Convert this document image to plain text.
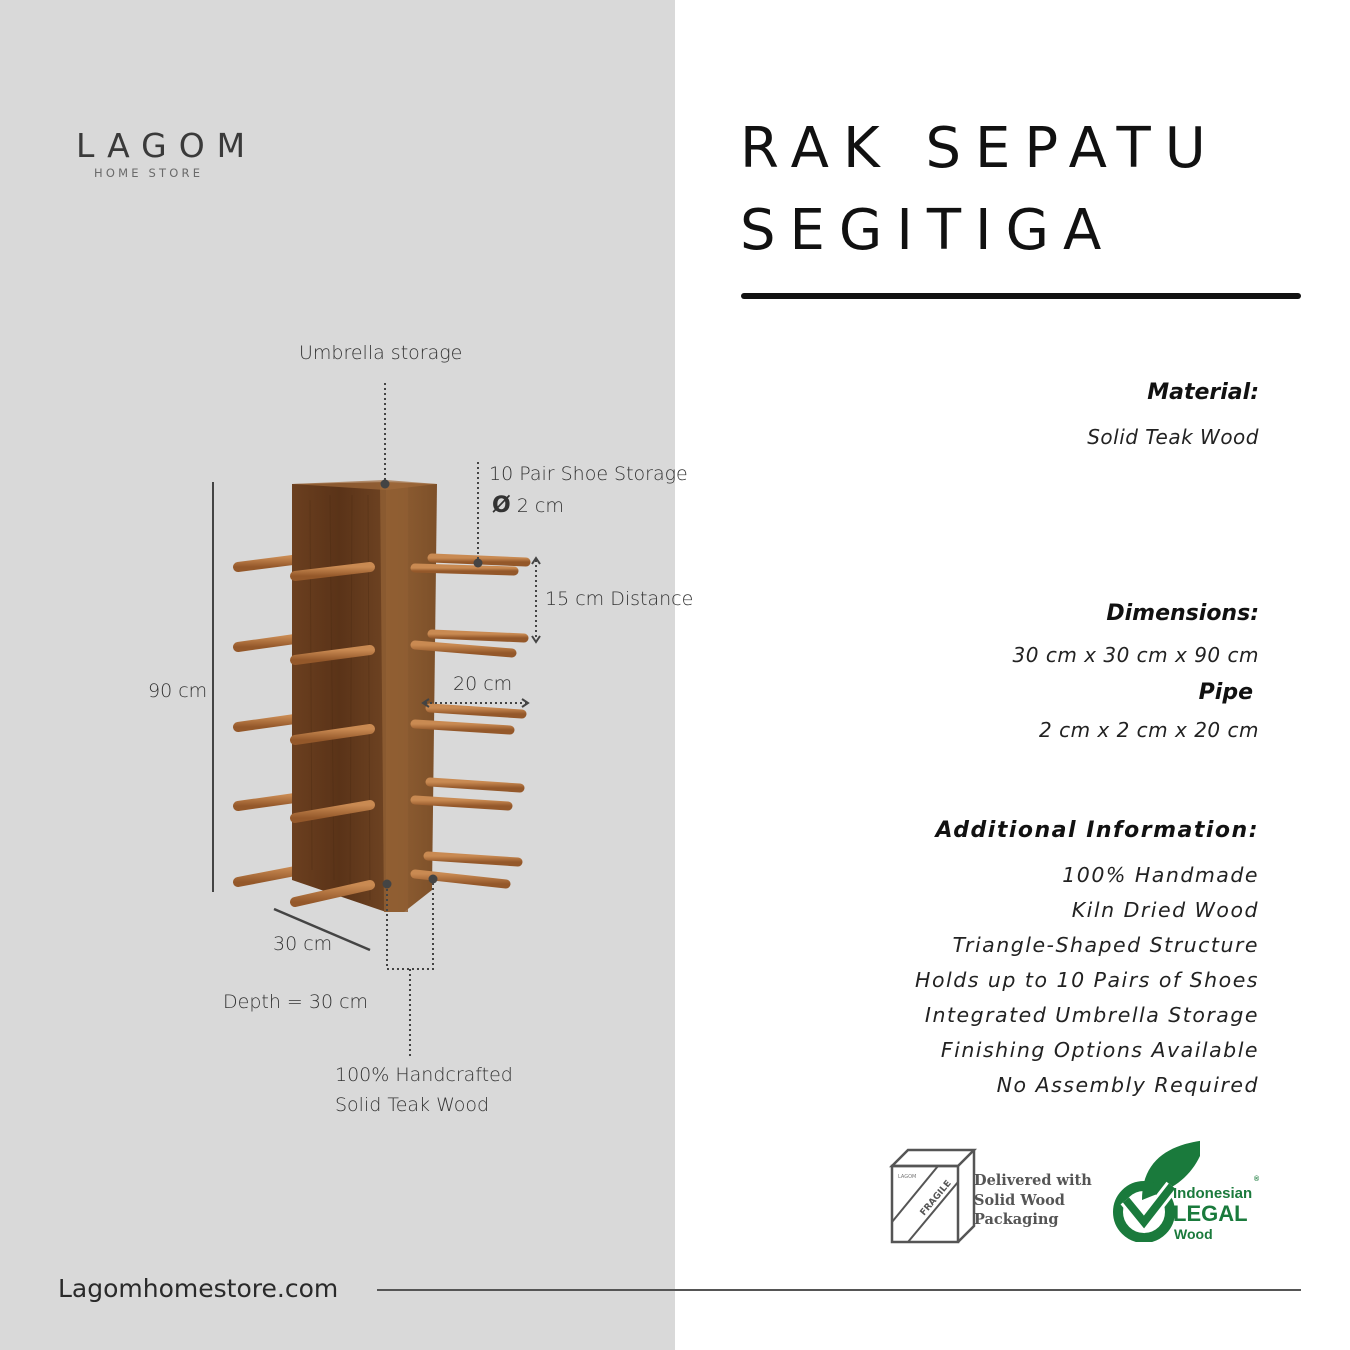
LAGOM
HOME STORE
Umbrella storage
10 Pair Shoe Storage
Ø 2 cm
15 cm Distance
20 cm
90 cm
30 cm
Depth = 30 cm
100% Handcrafted
Solid Teak Wood
RAK SEPATU
SEGITIGA
Material:
Solid Teak Wood
Dimensions:
30 cm x 30 cm x 90 cm
Pipe
2 cm x 2 cm x 20 cm
Additional Information:
100% Handmade
Kiln Dried Wood
Triangle-Shaped Structure
Holds up to 10 Pairs of Shoes
Integrated Umbrella Storage
Finishing Options Available
No Assembly Required
FRAGILE
LAGOM	Delivered with
Solid Wood
Packaging
Indonesian
®
LEGAL
Wood
Lagomhomestore.com
